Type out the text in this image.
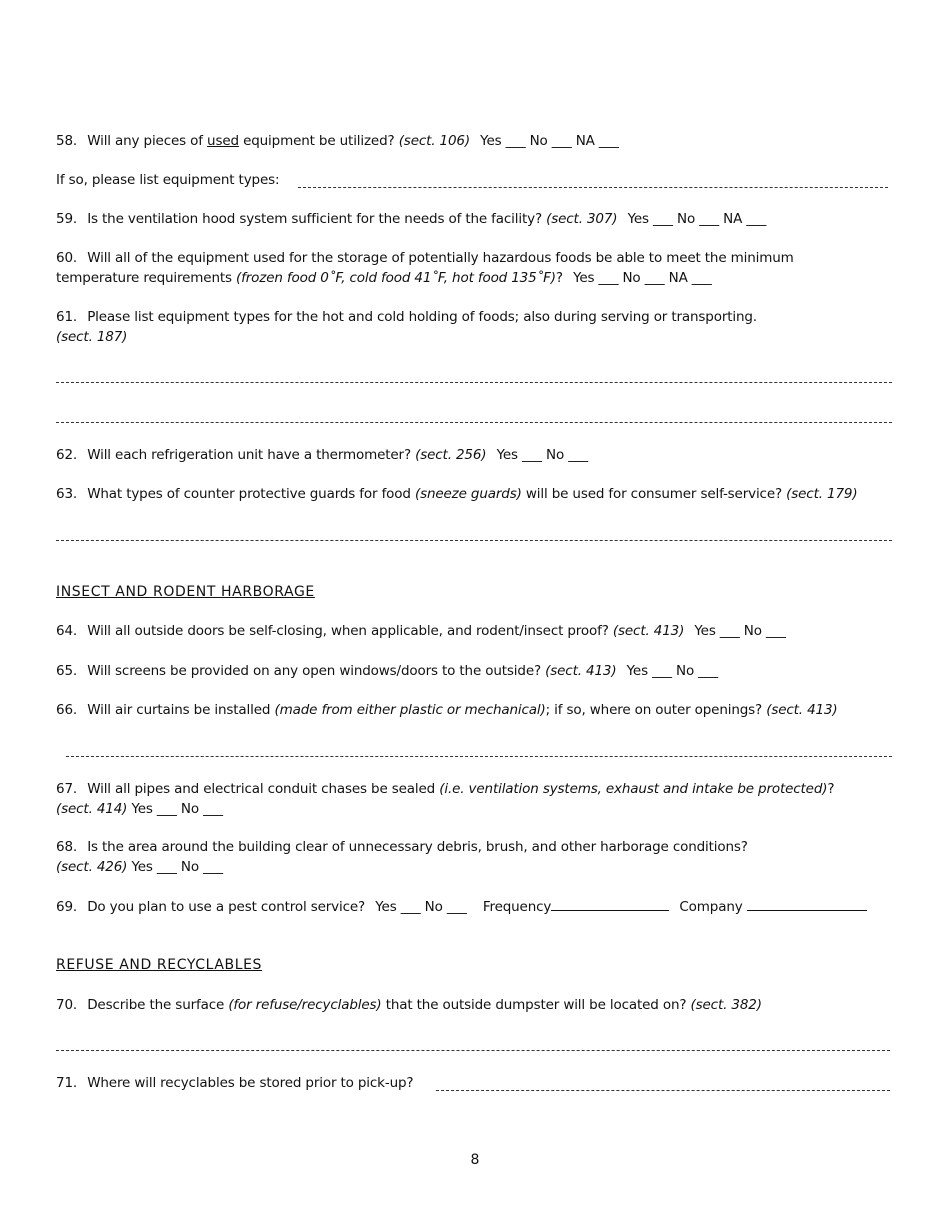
58. Will any pieces of used equipment be utilized? (sect. 106) Yes ___ No ___ NA ___
If so, please list equipment types:
59. Is the ventilation hood system sufficient for the needs of the facility? (sect. 307) Yes ___ No ___ NA ___
60. Will all of the equipment used for the storage of potentially hazardous foods be able to meet the minimum
temperature requirements (frozen food 0˚F, cold food 41˚F, hot food 135˚F)? Yes ___ No ___ NA ___
61. Please list equipment types for the hot and cold holding of foods; also during serving or transporting.
(sect. 187)
62. Will each refrigeration unit have a thermometer? (sect. 256) Yes ___ No ___
63. What types of counter protective guards for food (sneeze guards) will be used for consumer self-service? (sect. 179)
INSECT AND RODENT HARBORAGE
64. Will all outside doors be self-closing, when applicable, and rodent/insect proof? (sect. 413) Yes ___ No ___
65. Will screens be provided on any open windows/doors to the outside? (sect. 413) Yes ___ No ___
66. Will air curtains be installed (made from either plastic or mechanical); if so, where on outer openings? (sect. 413)
67. Will all pipes and electrical conduit chases be sealed (i.e. ventilation systems, exhaust and intake be protected)?
(sect. 414) Yes ___ No ___
68. Is the area around the building clear of unnecessary debris, brush, and other harborage conditions?
(sect. 426) Yes ___ No ___
69. Do you plan to use a pest control service? Yes ___ No ___ Frequency	Company
REFUSE AND RECYCLABLES
70. Describe the surface (for refuse/recyclables) that the outside dumpster will be located on? (sect. 382)
71. Where will recyclables be stored prior to pick-up?
8
